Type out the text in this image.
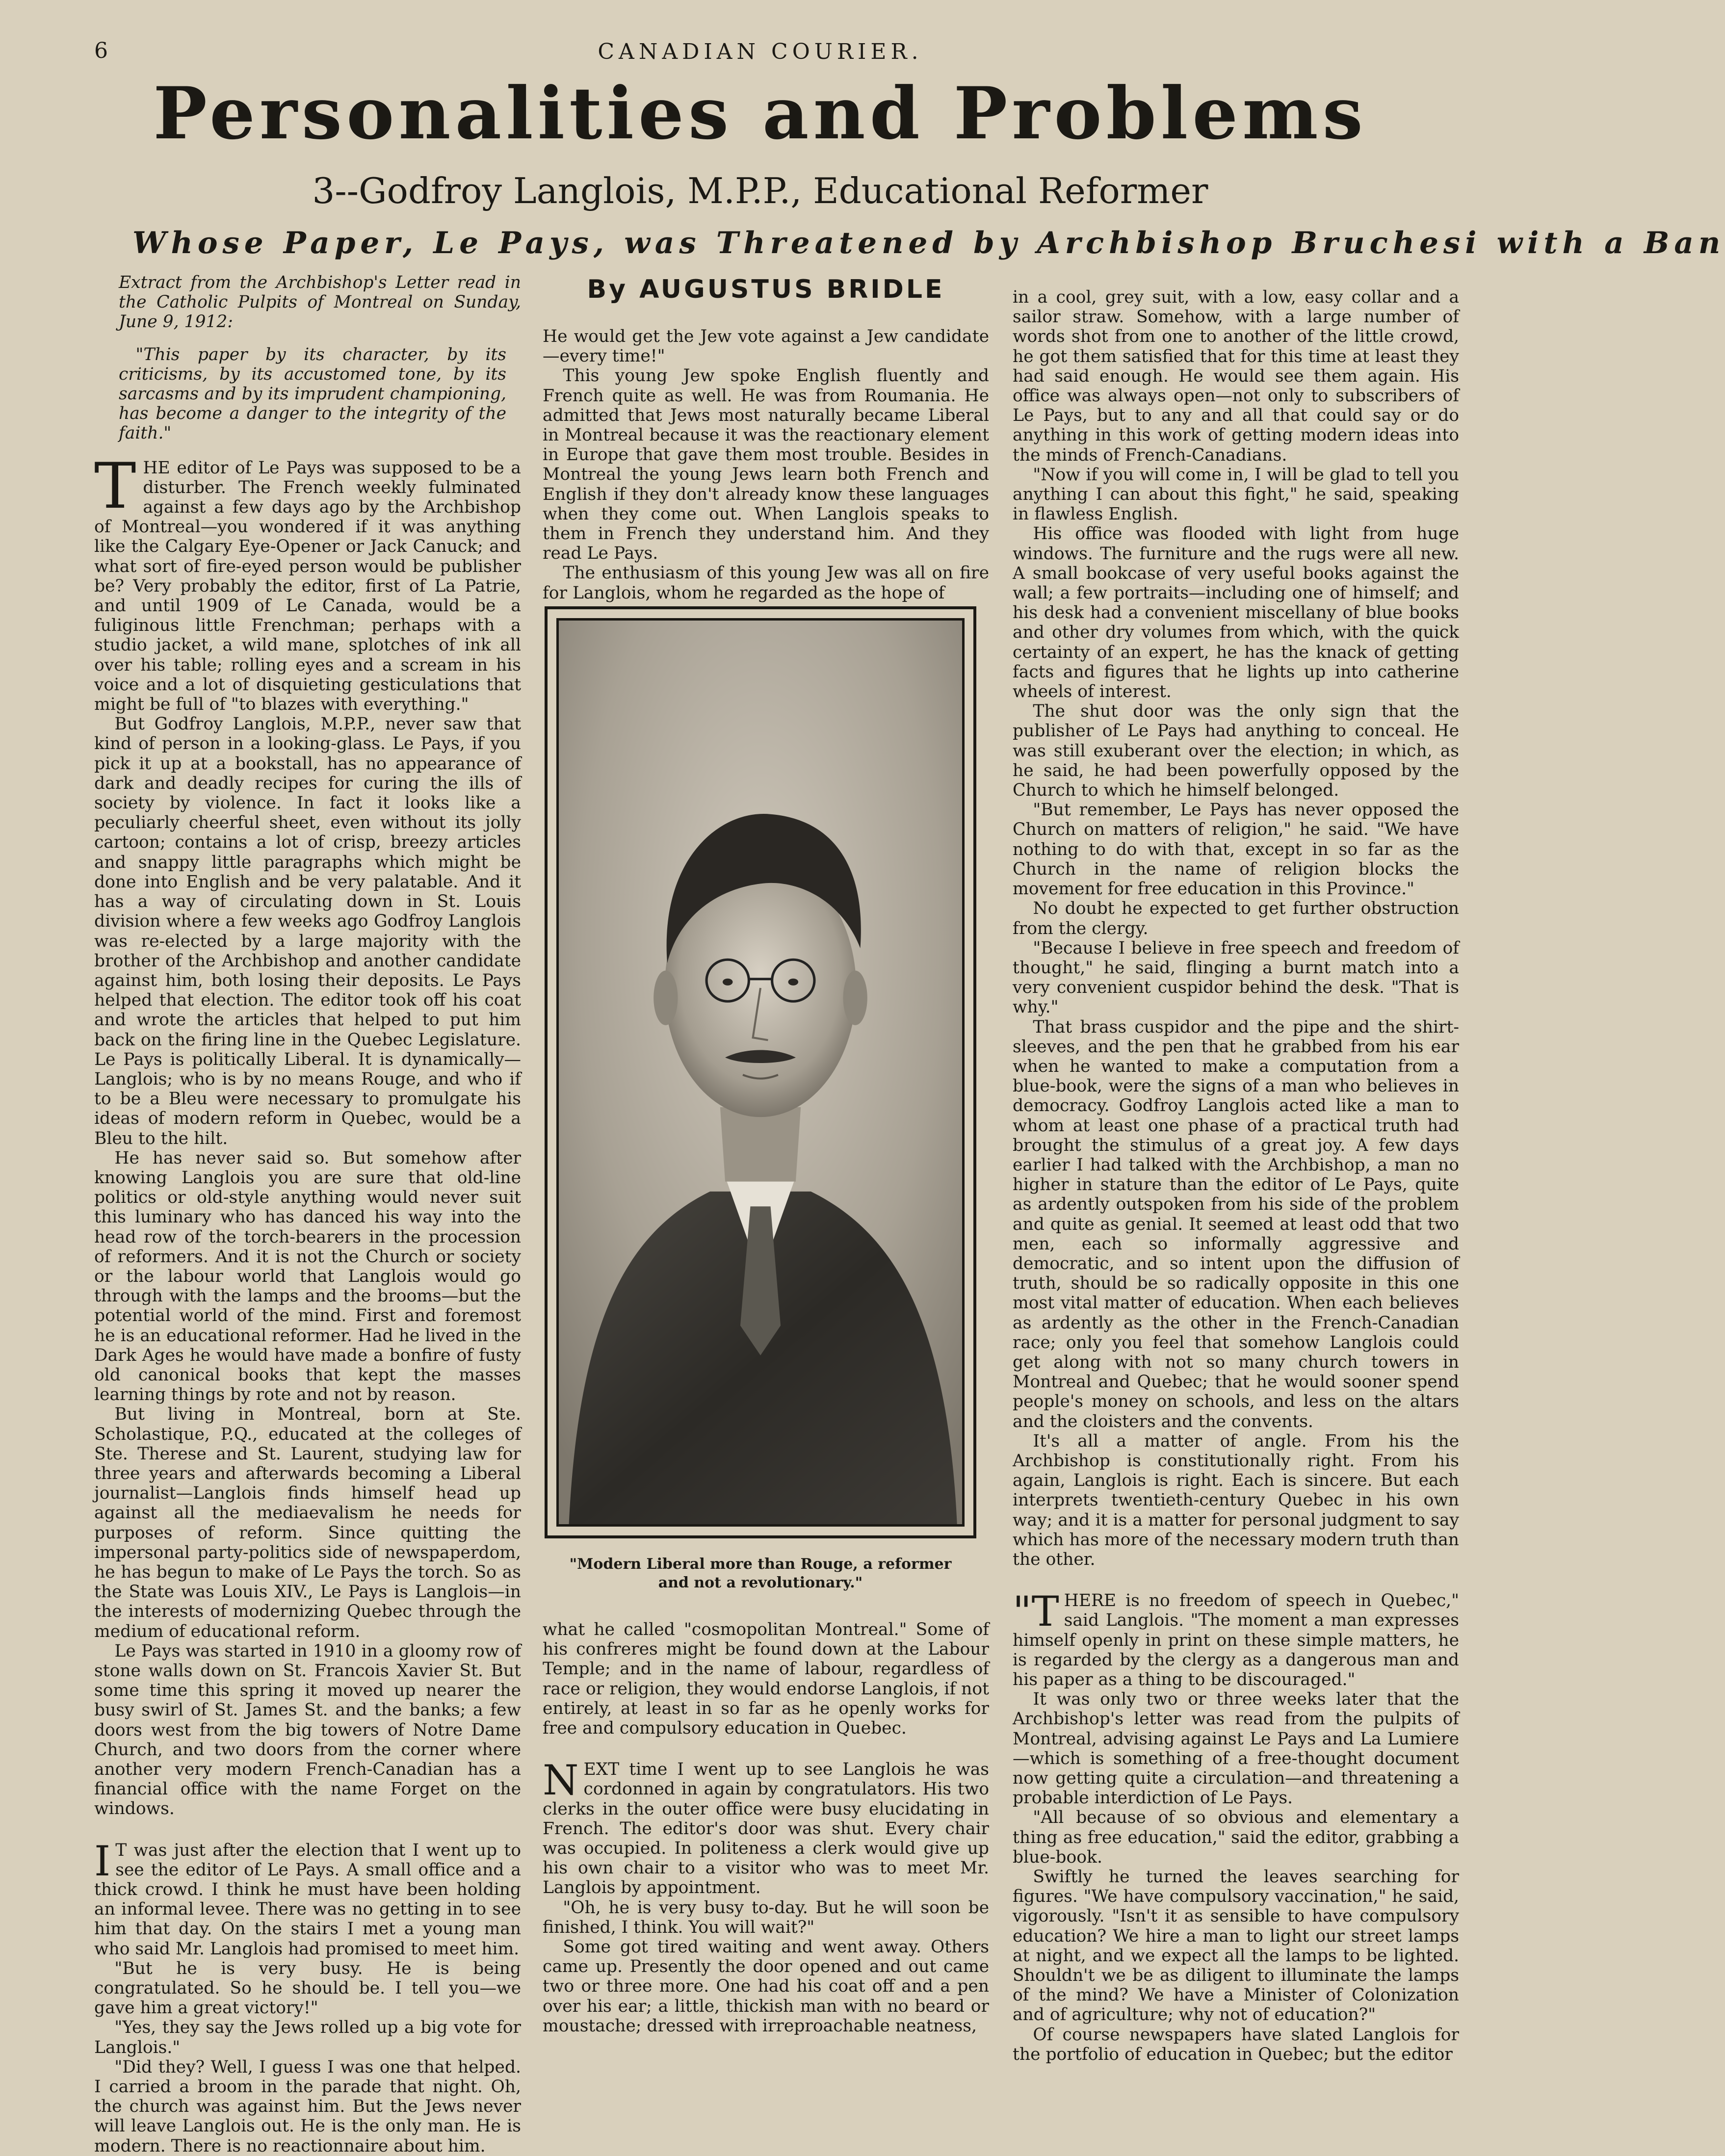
6	CANADIAN COURIER.
Personalities and Problems
3--Godfroy Langlois, M.P.P., Educational Reformer
Whose Paper, Le Pays, was Threatened by Archbishop Bruchesi with a Ban
By AUGUSTUS BRIDLE

Extract from the Archbishop's Letter read in the Catholic Pulpits of Montreal on Sunday, June 9, 1912:

"This paper by its character, by its criticisms, by its accustomed tone, by its sarcasms and by its imprudent championing, has become a danger to the integrity of the faith."

THE editor of Le Pays was supposed to be a disturber. The French weekly fulminated against a few days ago by the Archbishop of Montreal—you wondered if it was anything like the Calgary Eye-Opener or Jack Canuck; and what sort of fire-eyed person would be publisher be? Very probably the editor, first of La Patrie, and until 1909 of Le Canada, would be a fuliginous little Frenchman; perhaps with a studio jacket, a wild mane, splotches of ink all over his table; rolling eyes and a scream in his voice and a lot of disquieting gesticulations that might be full of "to blazes with everything."

But Godfroy Langlois, M.P.P., never saw that kind of person in a looking-glass. Le Pays, if you pick it up at a bookstall, has no appearance of dark and deadly recipes for curing the ills of society by violence. In fact it looks like a peculiarly cheerful sheet, even without its jolly cartoon; contains a lot of crisp, breezy articles and snappy little paragraphs which might be done into English and be very palatable. And it has a way of circulating down in St. Louis division where a few weeks ago Godfroy Langlois was re-elected by a large majority with the brother of the Archbishop and another candidate against him, both losing their deposits. Le Pays helped that election. The editor took off his coat and wrote the articles that helped to put him back on the firing line in the Quebec Legislature. Le Pays is politically Liberal. It is dynamically—Langlois; who is by no means Rouge, and who if to be a Bleu were necessary to promulgate his ideas of modern reform in Quebec, would be a Bleu to the hilt.

He has never said so. But somehow after knowing Langlois you are sure that old-line politics or old-style anything would never suit this luminary who has danced his way into the head row of the torch-bearers in the procession of reformers. And it is not the Church or society or the labour world that Langlois would go through with the lamps and the brooms—but the potential world of the mind. First and foremost he is an educational reformer. Had he lived in the Dark Ages he would have made a bonfire of fusty old canonical books that kept the masses learning things by rote and not by reason.

But living in Montreal, born at Ste. Scholastique, P.Q., educated at the colleges of Ste. Therese and St. Laurent, studying law for three years and afterwards becoming a Liberal journalist—Langlois finds himself head up against all the mediaevalism he needs for purposes of reform. Since quitting the impersonal party-politics side of newspaperdom, he has begun to make of Le Pays the torch. So as the State was Louis XIV., Le Pays is Langlois—in the interests of modernizing Quebec through the medium of educational reform.

Le Pays was started in 1910 in a gloomy row of stone walls down on St. Francois Xavier St. But some time this spring it moved up nearer the busy swirl of St. James St. and the banks; a few doors west from the big towers of Notre Dame Church, and two doors from the corner where another very modern French-Canadian has a financial office with the name Forget on the windows.

I T was just after the election that I went up to see the editor of Le Pays. A small office and a thick crowd. I think he must have been holding an informal levee. There was no getting in to see him that day. On the stairs I met a young man who said Mr. Langlois had promised to meet him.

"But he is very busy. He is being congratulated. So he should be. I tell you—we gave him a great victory!"

"Yes, they say the Jews rolled up a big vote for Langlois."

"Did they? Well, I guess I was one that helped. I carried a broom in the parade that night. Oh, the church was against him. But the Jews never will leave Langlois out. He is the only man. He is modern. There is no reactionnaire about him.

He would get the Jew vote against a Jew candidate—every time!"

This young Jew spoke English fluently and French quite as well. He was from Roumania. He admitted that Jews most naturally became Liberal in Montreal because it was the reactionary element in Europe that gave them most trouble. Besides in Montreal the young Jews learn both French and English if they don't already know these languages when they come out. When Langlois speaks to them in French they understand him. And they read Le Pays.

The enthusiasm of this young Jew was all on fire for Langlois, whom he regarded as the hope of

"Modern Liberal more than Rouge, a reformer and not a revolutionary."

what he called "cosmopolitan Montreal." Some of his confreres might be found down at the Labour Temple; and in the name of labour, regardless of race or religion, they would endorse Langlois, if not entirely, at least in so far as he openly works for free and compulsory education in Quebec.

NEXT time I went up to see Langlois he was cordonned in again by congratulators. His two clerks in the outer office were busy elucidating in French. The editor's door was shut. Every chair was occupied. In politeness a clerk would give up his own chair to a visitor who was to meet Mr. Langlois by appointment.

"Oh, he is very busy to-day. But he will soon be finished, I think. You will wait?"

Some got tired waiting and went away. Others came up. Presently the door opened and out came two or three more. One had his coat off and a pen over his ear; a little, thickish man with no beard or moustache; dressed with irreproachable neatness,

in a cool, grey suit, with a low, easy collar and a sailor straw. Somehow, with a large number of words shot from one to another of the little crowd, he got them satisfied that for this time at least they had said enough. He would see them again. His office was always open—not only to subscribers of Le Pays, but to any and all that could say or do anything in this work of getting modern ideas into the minds of French-Canadians.

"Now if you will come in, I will be glad to tell you anything I can about this fight," he said, speaking in flawless English.

His office was flooded with light from huge windows. The furniture and the rugs were all new. A small bookcase of very useful books against the wall; a few portraits—including one of himself; and his desk had a convenient miscellany of blue books and other dry volumes from which, with the quick certainty of an expert, he has the knack of getting facts and figures that he lights up into catherine wheels of interest.

The shut door was the only sign that the publisher of Le Pays had anything to conceal. He was still exuberant over the election; in which, as he said, he had been powerfully opposed by the Church to which he himself belonged.

"But remember, Le Pays has never opposed the Church on matters of religion," he said. "We have nothing to do with that, except in so far as the Church in the name of religion blocks the movement for free education in this Province."

No doubt he expected to get further obstruction from the clergy.

"Because I believe in free speech and freedom of thought," he said, flinging a burnt match into a very convenient cuspidor behind the desk. "That is why."

That brass cuspidor and the pipe and the shirt-sleeves, and the pen that he grabbed from his ear when he wanted to make a computation from a blue-book, were the signs of a man who believes in democracy. Godfroy Langlois acted like a man to whom at least one phase of a practical truth had brought the stimulus of a great joy. A few days earlier I had talked with the Archbishop, a man no higher in stature than the editor of Le Pays, quite as ardently outspoken from his side of the problem and quite as genial. It seemed at least odd that two men, each so informally aggressive and democratic, and so intent upon the diffusion of truth, should be so radically opposite in this one most vital matter of education. When each believes as ardently as the other in the French-Canadian race; only you feel that somehow Langlois could get along with not so many church towers in Montreal and Quebec; that he would sooner spend people's money on schools, and less on the altars and the cloisters and the convents.

It's all a matter of angle. From his the Archbishop is constitutionally right. From his again, Langlois is right. Each is sincere. But each interprets twentieth-century Quebec in his own way; and it is a matter for personal judgment to say which has more of the necessary modern truth than the other.

"THERE is no freedom of speech in Quebec," said Langlois. "The moment a man expresses himself openly in print on these simple matters, he is regarded by the clergy as a dangerous man and his paper as a thing to be discouraged."

It was only two or three weeks later that the Archbishop's letter was read from the pulpits of Montreal, advising against Le Pays and La Lumiere—which is something of a free-thought document now getting quite a circulation—and threatening a probable interdiction of Le Pays.

"All because of so obvious and elementary a thing as free education," said the editor, grabbing a blue-book.

Swiftly he turned the leaves searching for figures. "We have compulsory vaccination," he said, vigorously. "Isn't it as sensible to have compulsory education? We hire a man to light our street lamps at night, and we expect all the lamps to be lighted. Shouldn't we be as diligent to illuminate the lamps of the mind? We have a Minister of Colonization and of agriculture; why not of education?"

Of course newspapers have slated Langlois for the portfolio of education in Quebec; but the editor
